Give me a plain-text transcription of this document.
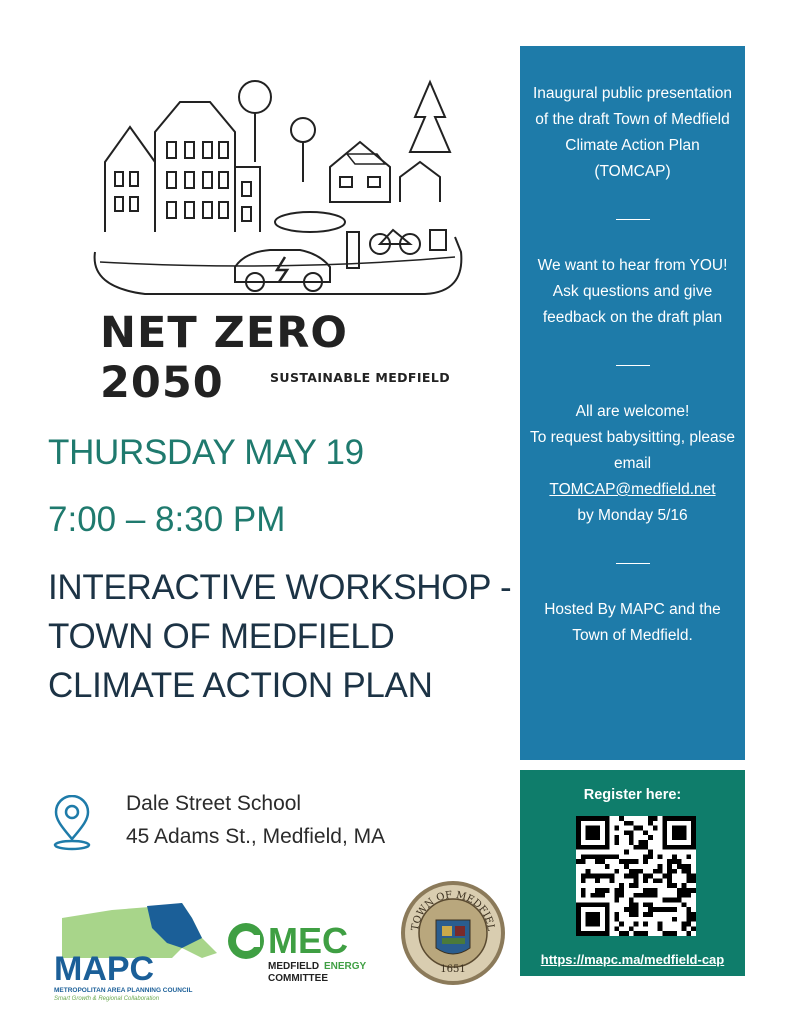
NET ZERO 2050	SUSTAINABLE MEDFIELD
THURSDAY MAY 19
7:00 – 8:30 PM
INTERACTIVE WORKSHOP - TOWN OF MEDFIELD CLIMATE ACTION PLAN
Dale Street School
45 Adams St., Medfield, MA

Inaugural public presentation of the draft Town of Medfield Climate Action Plan (TOMCAP)

We want to hear from YOU! Ask questions and give feedback on the draft plan

All are welcome!
To request babysitting, please email
TOMCAP@medfield.net
by Monday 5/16

Hosted By MAPC and the Town of Medfield.

Register here:
https://mapc.ma/medfield-cap
MAPC
METROPOLITAN AREA PLANNING COUNCIL
Smart Growth & Regional Collaboration
MEC
MEDFIELD ENERGY
COMMITTEE
TOWN OF MEDFIEL
1651
